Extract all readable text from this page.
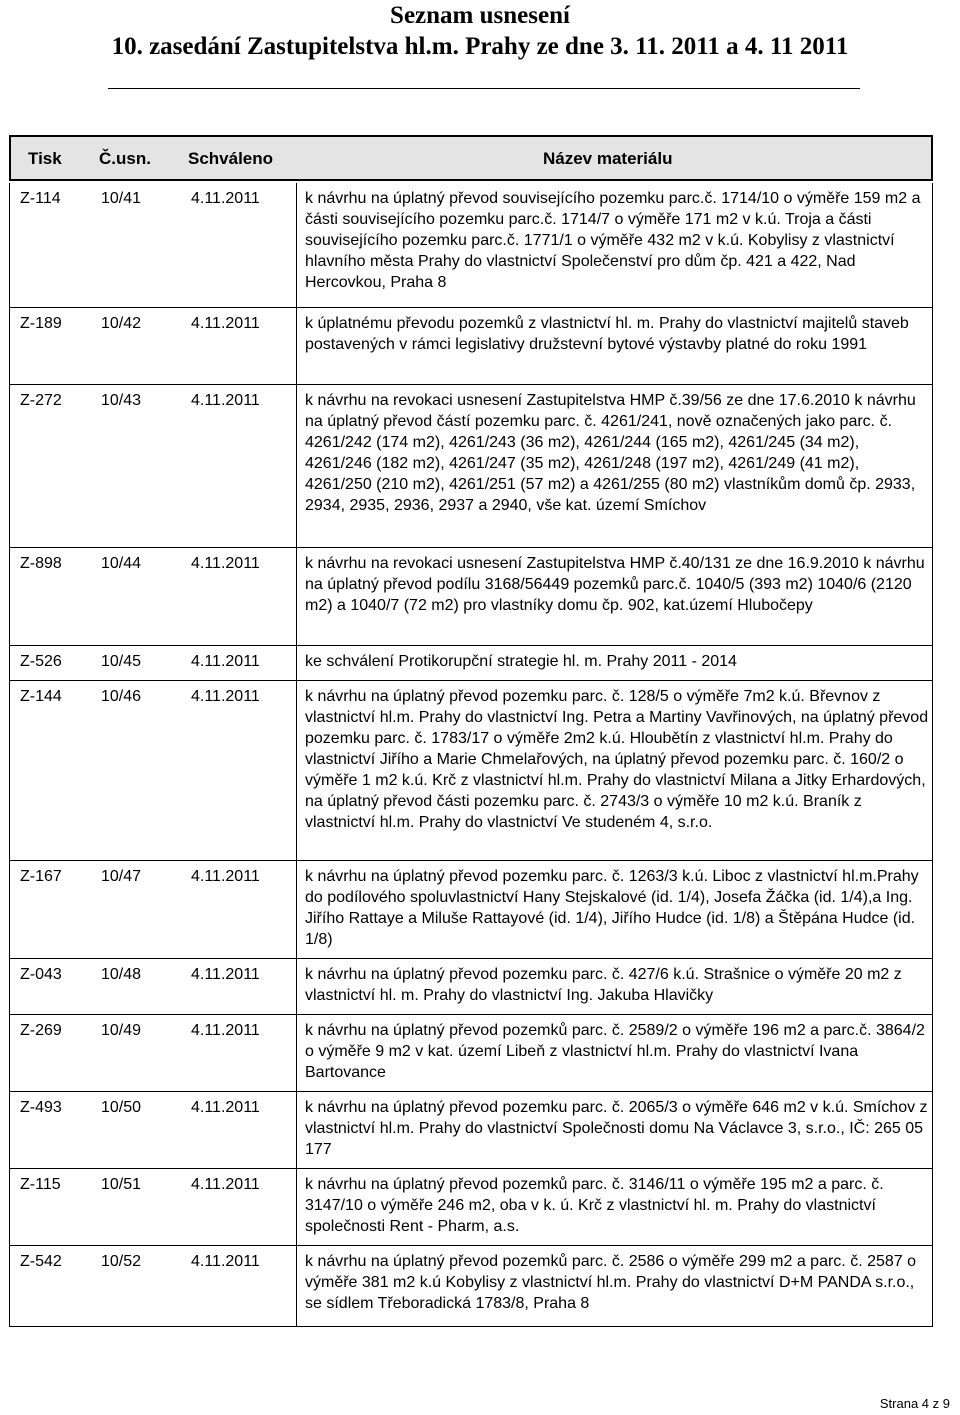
Seznam usnesení
10. zasedání Zastupitelstva hl.m. Prahy ze dne 3. 11. 2011 a 4. 11 2011
Tisk Č.usn. Schváleno	Název materiálu
Z-114	10/41	4.11.2011	k návrhu na úplatný převod souvisejícího pozemku parc.č. 1714/10 o výměře 159 m2 a části souvisejícího pozemku parc.č. 1714/7 o výměře 171 m2 v k.ú. Troja a části souvisejícího pozemku parc.č. 1771/1 o výměře 432 m2 v k.ú. Kobylisy z vlastnictví hlavního města Prahy do vlastnictví Společenství pro dům čp. 421 a 422, Nad Hercovkou, Praha 8
Z-189 10/42	4.11.2011	k úplatnému převodu pozemků z vlastnictví hl. m. Prahy do vlastnictví majitelů staveb postavených v rámci legislativy družstevní bytové výstavby platné do roku 1991
Z-272 10/43	4.11.2011	k návrhu na revokaci usnesení Zastupitelstva HMP č.39/56 ze dne 17.6.2010 k návrhu na úplatný převod částí pozemku parc. č. 4261/241, nově označených jako parc. č. 4261/242 (174 m2), 4261/243 (36 m2), 4261/244 (165 m2), 4261/245 (34 m2), 4261/246 (182 m2), 4261/247 (35 m2), 4261/248 (197 m2), 4261/249 (41 m2), 4261/250 (210 m2), 4261/251 (57 m2) a 4261/255 (80 m2) vlastníkům domů čp. 2933, 2934, 2935, 2936, 2937 a 2940, vše kat. území Smíchov
Z-898 10/44	4.11.2011	k návrhu na revokaci usnesení Zastupitelstva HMP č.40/131 ze dne 16.9.2010 k návrhu na úplatný převod podílu 3168/56449 pozemků parc.č. 1040/5 (393 m2) 1040/6 (2120 m2) a 1040/7 (72 m2) pro vlastníky domu čp. 902, kat.území Hlubočepy
Z-526 10/45	4.11.2011	ke schválení Protikorupční strategie hl. m. Prahy 2011 - 2014
Z-144 10/46	4.11.2011	k návrhu na úplatný převod pozemku parc. č. 128/5 o výměře 7m2 k.ú. Břevnov z vlastnictví hl.m. Prahy do vlastnictví Ing. Petra a Martiny Vavřinových, na úplatný převod pozemku parc. č. 1783/17 o výměře 2m2 k.ú. Hloubětín z vlastnictví hl.m. Prahy do vlastnictví Jiřího a Marie Chmelařových, na úplatný převod pozemku parc. č. 160/2 o výměře 1 m2 k.ú. Krč z vlastnictví hl.m. Prahy do vlastnictví Milana a Jitky Erhardových, na úplatný převod části pozemku parc. č. 2743/3 o výměře 10 m2 k.ú. Braník z vlastnictví hl.m. Prahy do vlastnictví Ve studeném 4, s.r.o.
Z-167 10/47	4.11.2011	k návrhu na úplatný převod pozemku parc. č. 1263/3 k.ú. Liboc z vlastnictví hl.m.Prahy do podílového spoluvlastnictví Hany Stejskalové (id. 1/4), Josefa Žáčka (id. 1/4),a Ing. Jiřího Rattaye a Miluše Rattayové (id. 1/4), Jiřího Hudce (id. 1/8) a Štěpána Hudce (id. 1/8)
Z-043 10/48	4.11.2011	k návrhu na úplatný převod pozemku parc. č. 427/6 k.ú. Strašnice o výměře 20 m2 z vlastnictví hl. m. Prahy do vlastnictví Ing. Jakuba Hlavičky
Z-269 10/49	4.11.2011	k návrhu na úplatný převod pozemků parc. č. 2589/2 o výměře 196 m2 a parc.č. 3864/2 o výměře 9 m2 v kat. území Libeň z vlastnictví hl.m. Prahy do vlastnictví Ivana Bartovance
Z-493 10/50	4.11.2011	k návrhu na úplatný převod pozemku parc. č. 2065/3 o výměře 646 m2 v k.ú. Smíchov z vlastnictví hl.m. Prahy do vlastnictví Společnosti domu Na Václavce 3, s.r.o., IČ: 265 05 177
Z-115	10/51	4.11.2011	k návrhu na úplatný převod pozemků parc. č. 3146/11 o výměře 195 m2 a parc. č. 3147/10 o výměře 246 m2, oba v k. ú. Krč z vlastnictví hl. m. Prahy do vlastnictví společnosti Rent - Pharm, a.s.
Z-542 10/52	4.11.2011	k návrhu na úplatný převod pozemků parc. č. 2586 o výměře 299 m2 a parc. č. 2587 o výměře 381 m2 k.ú Kobylisy z vlastnictví hl.m. Prahy do vlastnictví D+M PANDA s.r.o., se sídlem Třeboradická 1783/8, Praha 8
Strana 4 z 9
